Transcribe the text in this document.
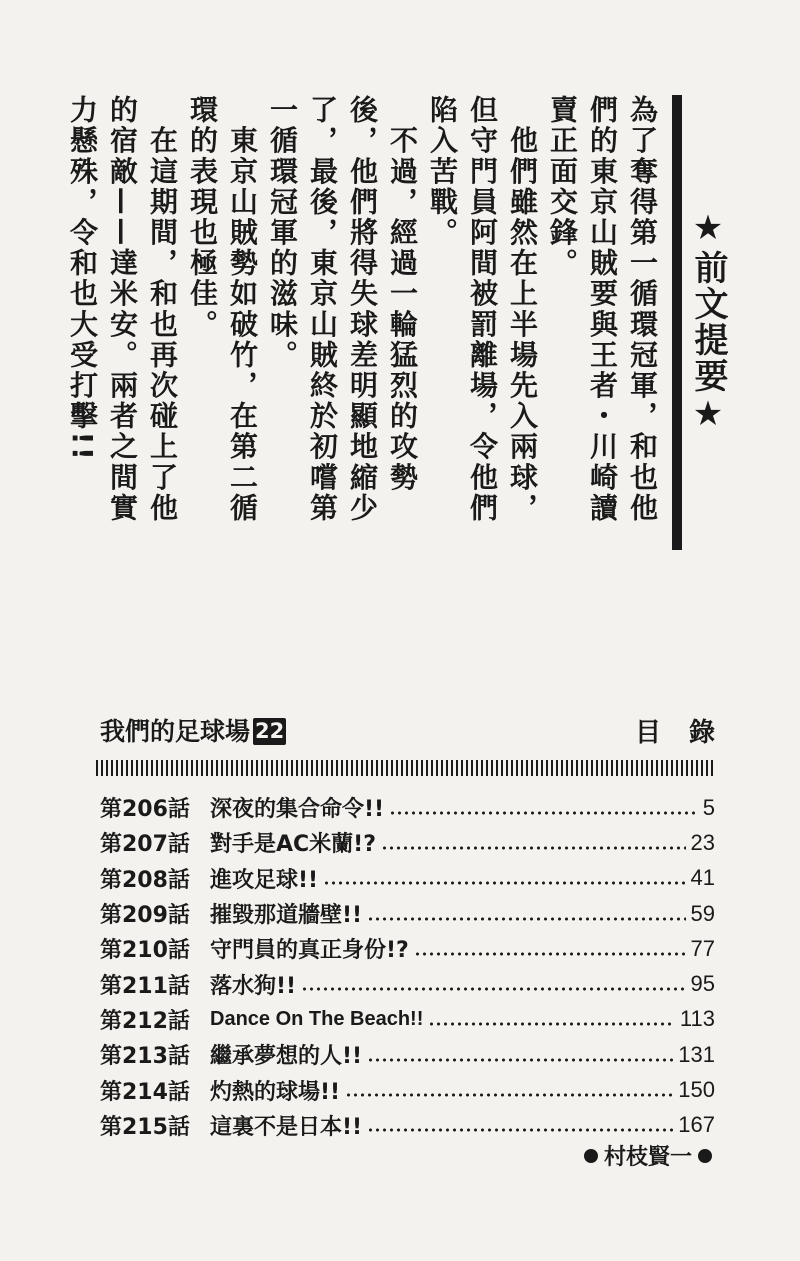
★前文提要★
為了奪得第一循環冠軍，和也他們的東京山賊要與王者・川崎讀賣正面交鋒。
　他們雖然在上半場先入兩球，但守門員阿間被罰離場，令他們陷入苦戰。
　不過，經過一輪猛烈的攻勢後，他們將得失球差明顯地縮少了，最後，東京山賊終於初嚐第一循環冠軍的滋味。
　東京山賊勢如破竹，在第二循環的表現也極佳。
　在這期間，和也再次碰上了他的宿敵——達米安。兩者之間實力懸殊，令和也大受打擊!!
我們的足球場 22	目錄
第206話 深夜的集合命令!!	5
第207話 對手是AC米蘭!?	23
第208話 進攻足球!!	41
第209話 摧毀那道牆壁!!	59
第210話 守門員的真正身份!?	77
第211話 落水狗!!	95
第212話	Dance On The Beach!!	113
第213話 繼承夢想的人!!	131
第214話 灼熱的球場!!	150
第215話 這裏不是日本!!	167
村枝賢一
